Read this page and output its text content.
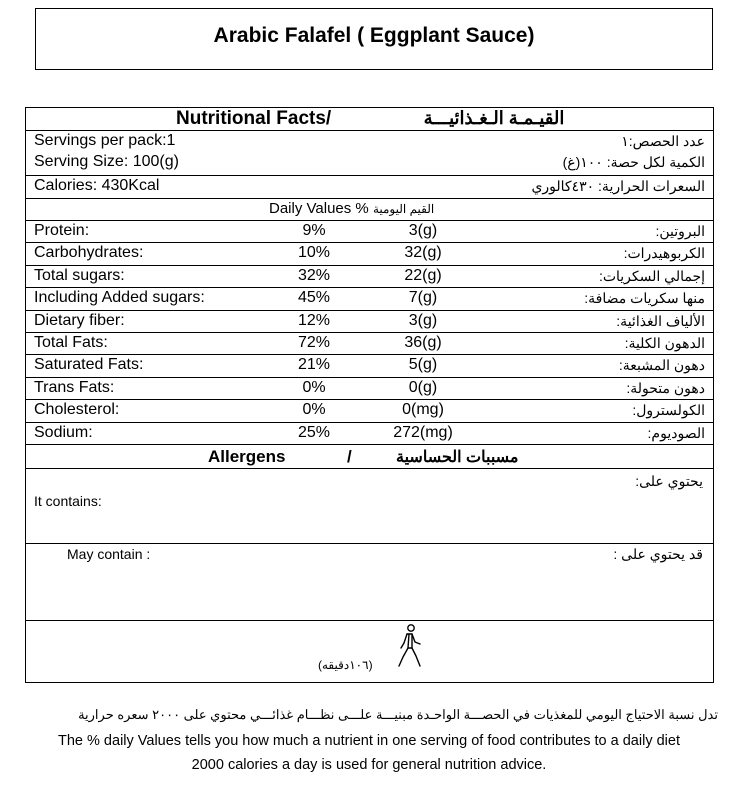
Arabic Falafel ( Eggplant Sauce)
Nutritional Facts/	القيـمـة الـغـذائيـــة
Servings per pack:1	عدد الحصص:١
Serving Size: 100(g)	الكمية لكل حصة: ١٠٠(غ)
Calories: 430Kcal	السعرات الحرارية: ٤٣٠كالوري
Daily Values % القيم اليومية
Protein:	9%	3(g)	البروتين:
Carbohydrates:	10%	32(g)	الكربوهيدرات:
Total sugars:	32%	22(g)	إجمالي السكريات:
Including Added sugars:	45%	7(g)	منها سكريات مضافة:
Dietary fiber:	12%	3(g)	الألياف الغذائية:
Total Fats:	72%	36(g)	الدهون الكلية:
Saturated Fats:	21%	5(g)	دهون المشبعة:
Trans Fats:	0%	0(g)	دهون متحولة:
Cholesterol:	0%	0(mg)	الكولسترول:
Sodium:	25%	272(mg)	الصوديوم:
Allergens	/	مسببات الحساسية
يحتوي على:
It contains:
May contain :	قد يحتوي على :
(١٠٦دقيقه)
تدل نسبة الاحتياج اليومي للمغذيات في الحصـــة الواحـدة مبنيـــة علـــى نظـــام غذائـــي محتوي على ٢٠٠٠ سعره حرارية
The % daily Values tells you how much a nutrient in one serving of food contributes to a daily diet
2000 calories a day is used for general nutrition advice.
